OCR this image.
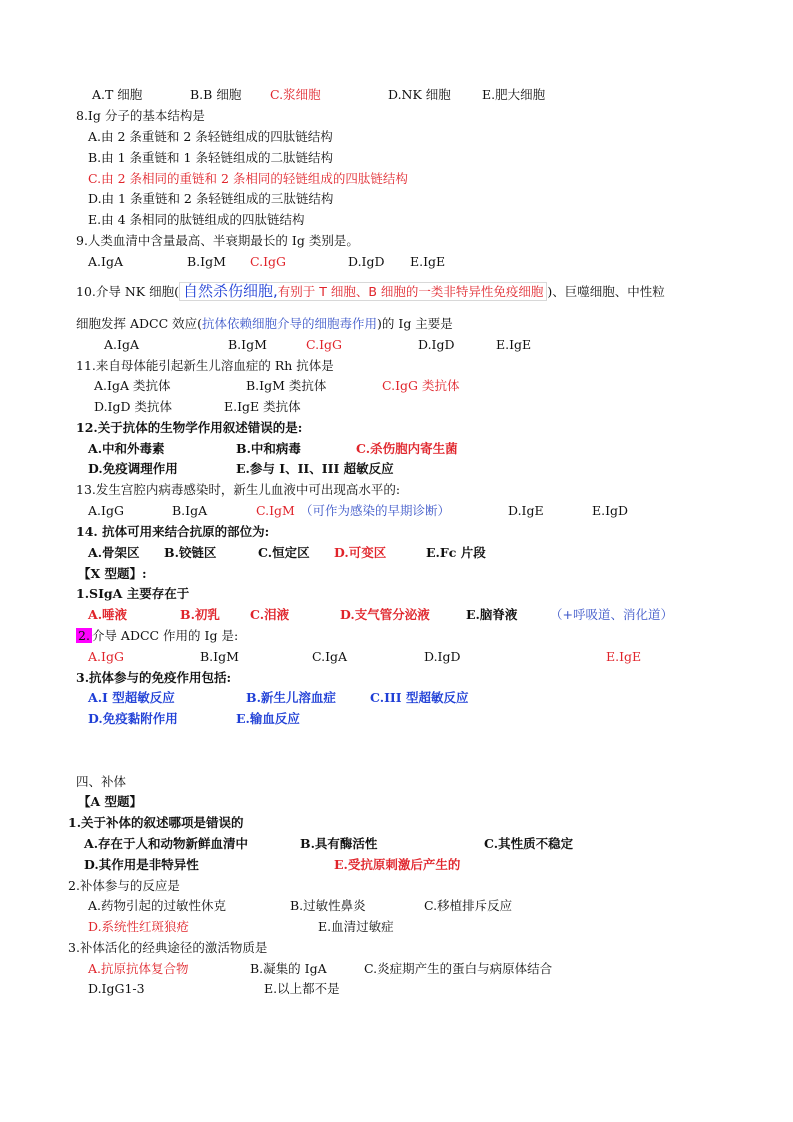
A.T 细胞	B.B 细胞 C.浆细胞	D.NK 细胞 E.肥大细胞
8.Ig 分子的基本结构是
A.由 2 条重链和 2 条轻链组成的四肽链结构
B.由 1 条重链和 1 条轻链组成的二肽链结构
C.由 2 条相同的重链和 2 条相同的轻链组成的四肽链结构
D.由 1 条重链和 2 条轻链组成的三肽链结构
E.由 4 条相同的肽链组成的四肽链结构
9.人类血清中含量最高、半衰期最长的 Ig 类别是。
A.IgA	B.IgM C.IgG	D.IgD E.IgE
10.介导 NK 细胞( 自然杀伤细胞,有别于 T 细胞、B 细胞的一类非特异性免疫细胞 )、巨噬细胞、中性粒
细胞发挥 ADCC 效应(抗体依赖细胞介导的细胞毒作用)的 Ig 主要是
A.IgA	B.IgM	C.IgG	D.IgD	E.IgE
11.来自母体能引起新生儿溶血症的 Rh 抗体是
A.IgA 类抗体	B.IgM 类抗体	C.IgG 类抗体
D.IgD 类抗体	E.IgE 类抗体
12.关于抗体的生物学作用叙述错误的是:
A.中和外毒素	B.中和病毒	C.杀伤胞内寄生菌
D.免疫调理作用	E.参与 I、II、III 超敏反应
13.发生宫腔内病毒感染时，新生儿血液中可出现高水平的:
A.IgG	B.IgA	C.IgM （可作为感染的早期诊断）	D.IgE	E.IgD
14. 抗体可用来结合抗原的部位为:
A.骨架区 B.铰链区	C.恒定区 D.可变区	E.Fc 片段
【X 型题】:
1.SIgA 主要存在于
A.唾液	B.初乳 C.泪液	D.支气管分泌液	E.脑脊液	（+呼吸道、消化道）
2. 介导 ADCC 作用的 Ig 是:
A.IgG	B.IgM	C.IgA	D.IgD	E.IgE
3.抗体参与的免疫作用包括:
A.I 型超敏反应	B.新生儿溶血症	C.III 型超敏反应
D.免疫黏附作用	E.输血反应
四、补体
【A 型题】
1.关于补体的叙述哪项是错误的
A.存在于人和动物新鲜血清中	B.具有酶活性	C.其性质不稳定
D.其作用是非特异性	E.受抗原刺激后产生的
2.补体参与的反应是
A.药物引起的过敏性休克	B.过敏性鼻炎	C.移植排斥反应
D.系统性红斑狼疮	E.血清过敏症
3.补体活化的经典途径的激活物质是
A.抗原抗体复合物	B.凝集的 IgA	C.炎症期产生的蛋白与病原体结合
D.IgG1-3	E.以上都不是
